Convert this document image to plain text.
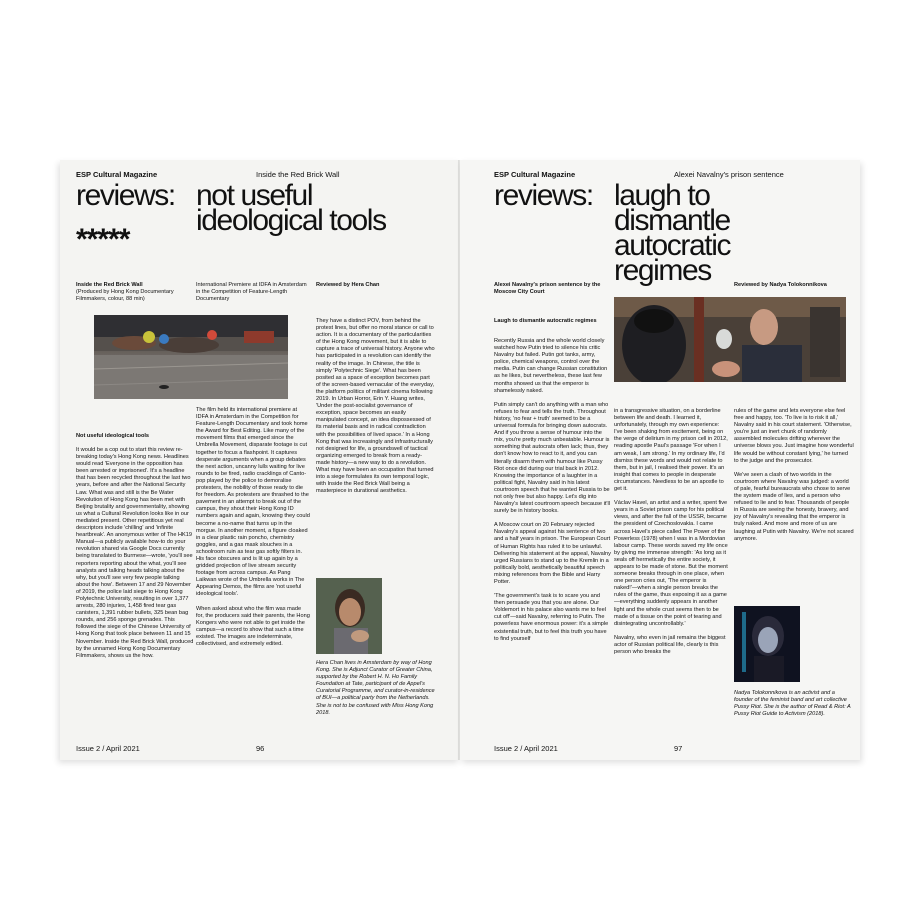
ESP Cultural Magazine	Inside the Red Brick Wall
reviews: not useful ideological tools
*****
Inside the Red Brick Wall
(Produced by Hong Kong Documentary Filmmakers, colour, 88 min)
International Premiere at IDFA in Amsterdam in the Competition of Feature-Length Documentary
Reviewed by Hera Chan
Not useful ideological tools

It would be a cop out to start this review re-breaking today's Hong Kong news. Headlines would read 'Everyone in the opposition has been arrested or imprisoned'. It's a headline that has been recycled throughout the last two years, before and after the National Security Law. What was and still is the Be Water Revolution of Hong Kong has been met with Beijing brutality and governmentality, showing us what a Cultural Revolution looks like in our mediated present. Other repetitious yet real descriptors include 'chilling' and 'infinite heartbreak'. An anonymous writer of The HK19 Manual—a publicly available how-to do your revolution shared via Google Docs currently being translated to Burmese—wrote, 'you'll see reporters reporting about the what, you'll see analysts and talking heads talking about the why, but you'll see very few people talking about the how'. Between 17 and 29 November of 2019, the police laid siege to Hong Kong Polytechnic University, resulting in over 1,377 arrests, 280 injuries, 1,458 fired tear gas canisters, 1,391 rubber bullets, 325 bean bag rounds, and 256 sponge grenades. This followed the siege of the Chinese University of Hong Kong that took place between 11 and 15 November. Inside the Red Brick Wall, produced by the unnamed Hong Kong Documentary Filmmakers, shows us the how.

The film held its international premiere at IDFA in Amsterdam in the Competition for Feature-Length Documentary and took home the Award for Best Editing. Like many of the movement films that emerged since the Umbrella Movement, disparate footage is cut together to focus a flashpoint. It captures desperate arguments when a group debates the next action, uncanny lulls waiting for live rounds to be fired, radio cracklings of Canto-pop played by the police to demoralise protesters, the nobility of those ready to die for freedom. As protesters are thrashed to the pavement in an attempt to break out of the campus, they shout their Hong Kong ID numbers again and again, knowing they could become a no-name that turns up in the morgue. In another moment, a figure cloaked in a clear plastic rain poncho, chemistry goggles, and a gas mask slouches in a schoolroom ruin as tear gas softly filters in. His face obscures and is lit up again by a gridded projection of live stream security footage from across campus. As Pang Laikwan wrote of the Umbrella works in The Appearing Demos, the films are 'not useful ideological tools'.

When asked about who the film was made for, the producers said their parents, the Hong Kongers who were not able to get inside the campus—a record to show that such a time existed. The images are indeterminate, collectivised, and extremely edited.

They have a distinct POV, from behind the protest lines, but offer no moral stance or call to action. It is a documentary of the particularities of the Hong Kong movement, but it is able to capture a trace of universal history. Anyone who has participated in a revolution can identify the reality of the image. In Chinese, the title is simply 'Polytechnic Siege'. What has been posited as a space of exception becomes part of the screen-based vernacular of the everyday, the platform politics of militant cinema following 2019. In Urban Horror, Erin Y. Huang writes, 'Under the post-socialist governance of exception, space becomes an easily manipulated concept, an idea dispossessed of its material basis and in radical contradiction with the possibilities of lived space.' In a Hong Kong that was increasingly and infrastructurally not designed for life, a groundswell of tactical organizing emerged to break from a ready-made history—a new way to do a revolution. What may have been an occupation that turned into a siege formulates its own temporal logic, with Inside the Red Brick Wall being a masterpiece in durational aesthetics.

Hera Chan lives in Amsterdam by way of Hong Kong. She is Adjunct Curator of Greater China, supported by the Robert H. N. Ho Family Foundation at Tate, participant of de Appel's Curatorial Programme, and curator-in-residence of BUI—a political party from the Netherlands. She is not to be confused with Miss Hong Kong 2018.
Issue 2 / April 2021	96
ESP Cultural Magazine	Alexei Navalny's prison sentence
reviews: laugh to dismantle autocratic regimes
Alexei Navalny's prison sentence by the Moscow City Court
Reviewed by Nadya Tolokonnikova
Laugh to dismantle autocratic regimes

Recently Russia and the whole world closely watched how Putin tried to silence his critic Navalny but failed. Putin got tanks, army, police, chemical weapons, control over the media. Putin can change Russian constitution as he likes, but nevertheless, these last few months showed us that the emperor is shamelessly naked.

Putin simply can't do anything with a man who refuses to fear and tells the truth. Throughout history, 'no fear + truth' seemed to be a universal formula for bringing down autocrats. And if you throw a sense of humour into the mix, you're pretty much unbeatable. Humour is something that autocrats often lack; thus, they don't know how to react to it, and you can literally disarm them with humour like Pussy Riot once did during our trial back in 2012. Knowing the importance of a laughter in a political fight, Navalny said in his latest courtroom speech that he wanted Russia to be not only free but also happy. Let's dig into Navalny's latest courtroom speech because it'll surely be in history books.

A Moscow court on 20 February rejected Navalny's appeal against his sentence of two and a half years in prison. The European Court of Human Rights has ruled it to be unlawful. Delivering his statement at the appeal, Navalny urged Russians to stand up to the Kremlin in a politically bold, aesthetically beautiful speech mixing references from the Bible and Harry Potter.

'The government's task is to scare you and then persuade you that you are alone. Our Voldemort in his palace also wants me to feel cut off'—said Navalny, referring to Putin. The powerless have enormous power: it's a simple existential truth, but to feel this truth you have to find yourself

in a transgressive situation, on a borderline between life and death. I learned it, unfortunately, through my own experience: I've been shaking from excitement, being on the verge of delirium in my prison cell in 2012, reading apostle Paul's passage 'For when I am weak, I am strong.' In my ordinary life, I'd dismiss these words and would not relate to them, but in jail, I realised their power. It's an insight that comes to people in desperate circumstances. Needless to be an apostle to get it.

Václav Havel, an artist and a writer, spent five years in a Soviet prison camp for his political views, and after the fall of the USSR, became the president of Czechoslovakia. I came across Havel's piece called The Power of the Powerless (1978) when I was in a Mordovian labour camp. These words saved my life once by giving me immense strength: 'As long as it seals off hermetically the entire society, it appears to be made of stone. But the moment someone breaks through in one place, when one person cries out, 'The emperor is naked!'—when a single person breaks the rules of the game, thus exposing it as a game—everything suddenly appears in another light and the whole crust seems then to be made of a tissue on the point of tearing and disintegrating uncontrollably.'

Navalny, who even in jail remains the biggest actor of Russian political life, clearly is this person who breaks the

rules of the game and lets everyone else feel free and happy, too. 'To live is to risk it all,' Navalny said in his court statement. 'Otherwise, you're just an inert chunk of randomly assembled molecules drifting wherever the universe blows you. Just imagine how wonderful life would be without constant lying,' he turned to the judge and the prosecutor.

We've seen a clash of two worlds in the courtroom where Navalny was judged: a world of pale, fearful bureaucrats who chose to serve the system made of lies, and a person who refused to lie and to fear. Thousands of people in Russia are seeing the honesty, bravery, and joy of Navalny's revealing that the emperor is truly naked. And more and more of us are laughing at Putin with Navalny. We're not scared anymore.

Nadya Tolokonnikova is an activist and a founder of the feminist band and art collective Pussy Riot. She is the author of Read & Riot: A Pussy Riot Guide to Activism (2018).
Issue 2 / April 2021	97
